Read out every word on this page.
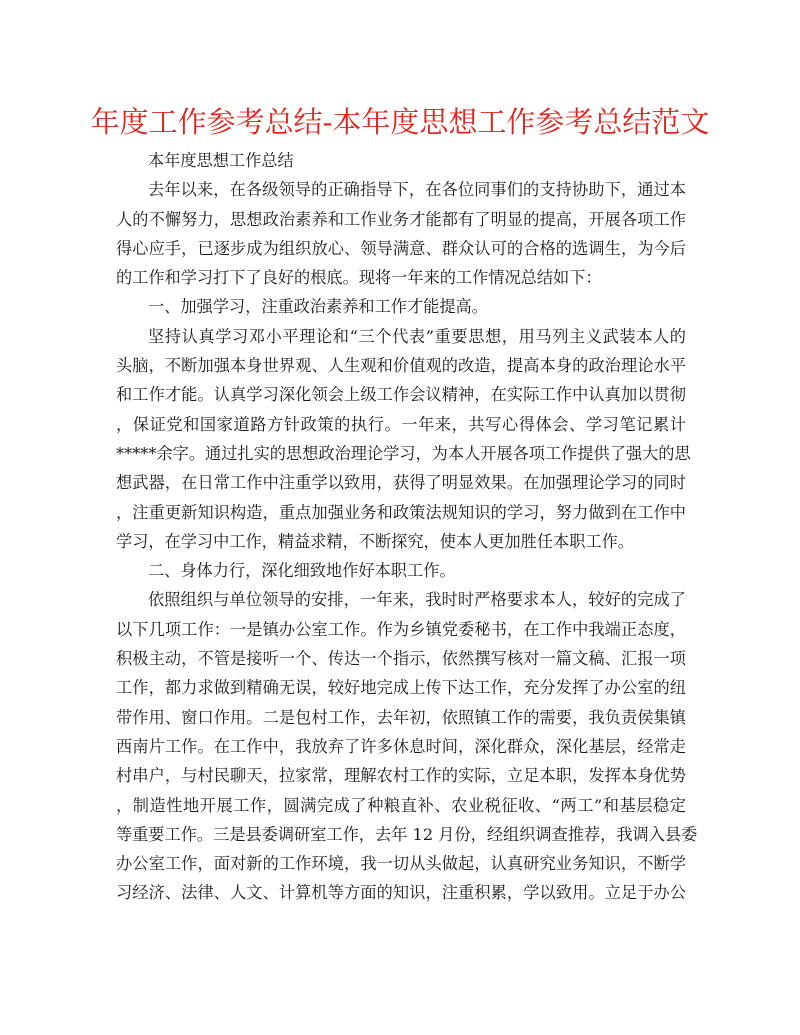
年度工作参考总结-本年度思想工作参考总结范文
本年度思想工作总结
去年以来，在各级领导的正确指导下，在各位同事们的支持协助下，通过本
人的不懈努力，思想政治素养和工作业务才能都有了明显的提高，开展各项工作
得心应手，已逐步成为组织放心、领导满意、群众认可的合格的选调生，为今后
的工作和学习打下了良好的根底。现将一年来的工作情况总结如下：
一、加强学习，注重政治素养和工作才能提高。
坚持认真学习邓小平理论和“三个代表”重要思想，用马列主义武装本人的
头脑，不断加强本身世界观、人生观和价值观的改造，提高本身的政治理论水平
和工作才能。认真学习深化领会上级工作会议精神，在实际工作中认真加以贯彻
，保证党和国家道路方针政策的执行。一年来，共写心得体会、学习笔记累计
*****余字。通过扎实的思想政治理论学习，为本人开展各项工作提供了强大的思
想武器，在日常工作中注重学以致用，获得了明显效果。在加强理论学习的同时
，注重更新知识构造，重点加强业务和政策法规知识的学习，努力做到在工作中
学习，在学习中工作，精益求精，不断探究，使本人更加胜任本职工作。
二、身体力行，深化细致地作好本职工作。
依照组织与单位领导的安排，一年来，我时时严格要求本人，较好的完成了
以下几项工作：一是镇办公室工作。作为乡镇党委秘书，在工作中我端正态度，
积极主动，不管是接听一个、传达一个指示，依然撰写核对一篇文稿、汇报一项
工作，都力求做到精确无误，较好地完成上传下达工作，充分发挥了办公室的纽
带作用、窗口作用。二是包村工作，去年初，依照镇工作的需要，我负责侯集镇
西南片工作。在工作中，我放弃了许多休息时间，深化群众，深化基层，经常走
村串户，与村民聊天，拉家常，理解农村工作的实际，立足本职，发挥本身优势
，制造性地开展工作，圆满完成了种粮直补、农业税征收、“两工”和基层稳定
等重要工作。三是县委调研室工作，去年 12 月份，经组织调查推荐，我调入县委
办公室工作，面对新的工作环境，我一切从头做起，认真研究业务知识，不断学
习经济、法律、人文、计算机等方面的知识，注重积累，学以致用。立足于办公
